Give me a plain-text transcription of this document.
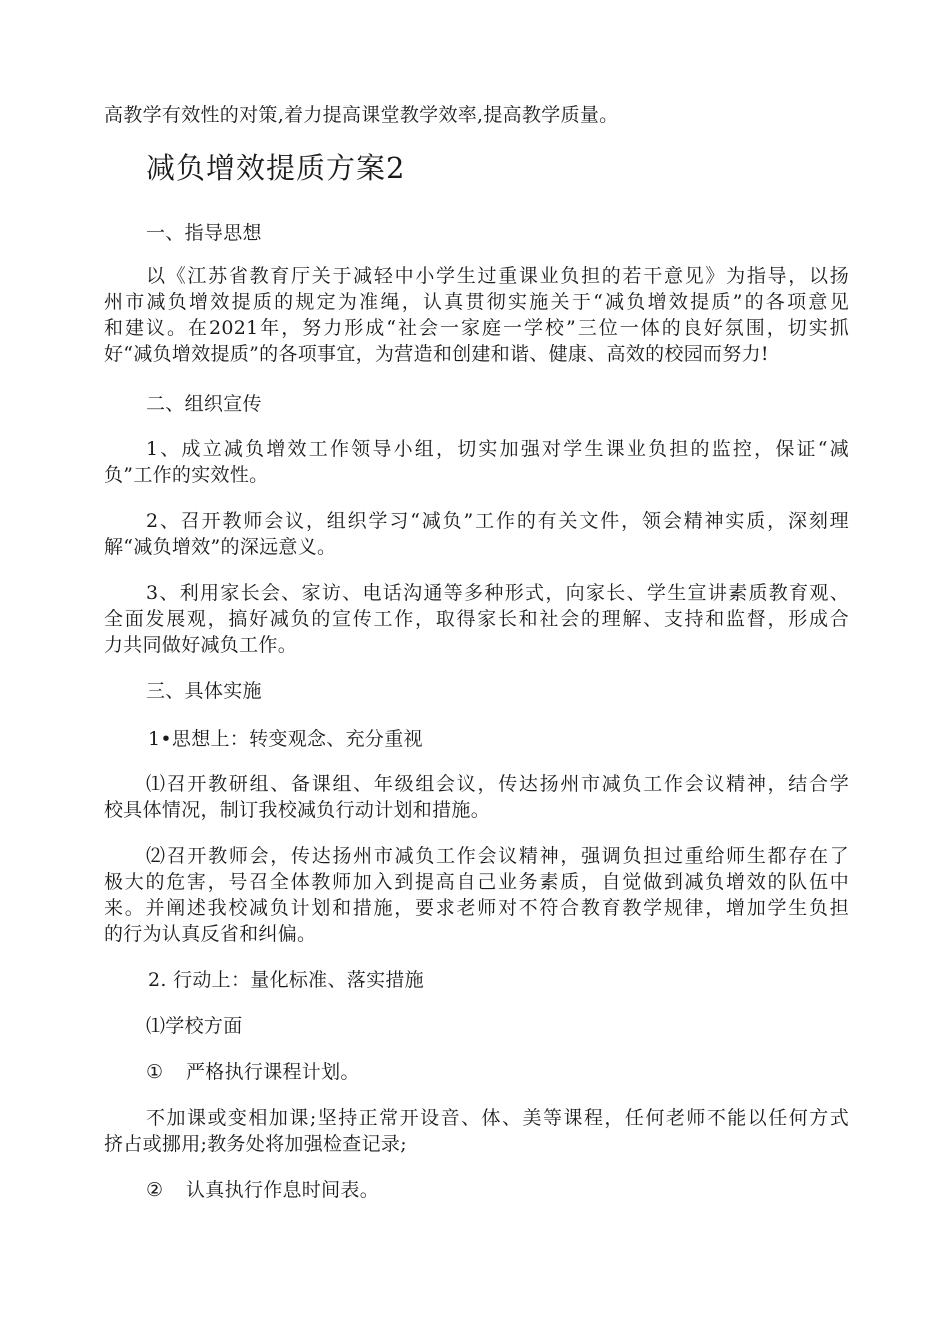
高教学有效性的对策,着力提高课堂教学效率,提高教学质量。
减负增效提质方案2
一、指导思想
以《江苏省教育厅关于减轻中小学生过重课业负担的若干意见》为指导，以扬
州市减负增效提质的规定为准绳，认真贯彻实施关于“减负增效提质”的各项意见
和建议。在2021年，努力形成“社会一家庭一学校”三位一体的良好氛围，切实抓
好“减负增效提质”的各项事宜，为营造和创建和谐、健康、高效的校园而努力!
二、组织宣传
1、成立减负增效工作领导小组，切实加强对学生课业负担的监控，保证“减
负”工作的实效性。
2、召开教师会议，组织学习“减负”工作的有关文件，领会精神实质，深刻理
解“减负增效”的深远意义。
3、利用家长会、家访、电话沟通等多种形式，向家长、学生宣讲素质教育观、
全面发展观，搞好减负的宣传工作，取得家长和社会的理解、支持和监督，形成合
力共同做好减负工作。
三、具体实施
1•思想上：转变观念、充分重视
⑴召开教研组、备课组、年级组会议，传达扬州市减负工作会议精神，结合学
校具体情况，制订我校减负行动计划和措施。
⑵召开教师会，传达扬州市减负工作会议精神，强调负担过重给师生都存在了
极大的危害，号召全体教师加入到提高自己业务素质，自觉做到减负增效的队伍中
来。并阐述我校减负计划和措施，要求老师对不符合教育教学规律，增加学生负担
的行为认真反省和纠偏。
2. 行动上：量化标准、落实措施
⑴学校方面
① 严格执行课程计划。
不加课或变相加课;坚持正常开设音、体、美等课程，任何老师不能以任何方式
挤占或挪用;教务处将加强检查记录;
② 认真执行作息时间表。
